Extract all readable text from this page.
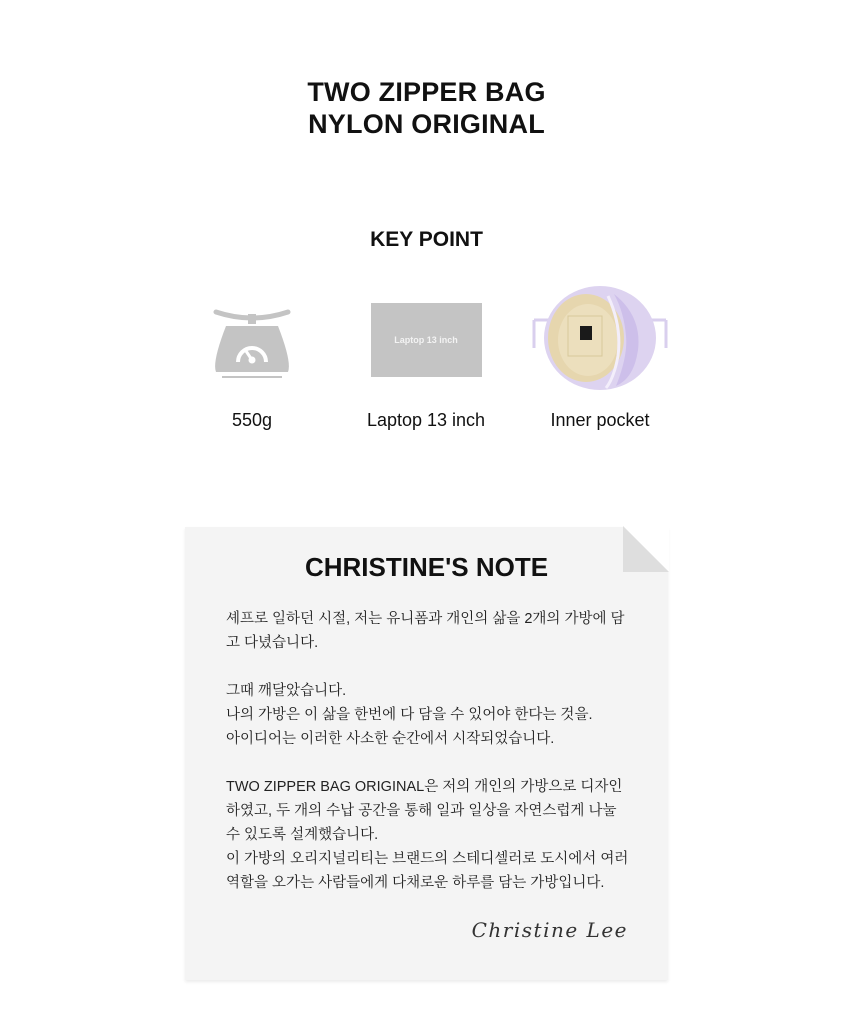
TWO ZIPPER BAG
NYLON ORIGINAL
KEY POINT
550g
Laptop 13 inch
Laptop 13 inch	Inner pocket
CHRISTINE'S NOTE

셰프로 일하던 시절, 저는 유니폼과 개인의 삶을 2개의 가방에 담
고 다녔습니다.

그때 깨달았습니다.
나의 가방은 이 삶을 한번에 다 담을 수 있어야 한다는 것을.
아이디어는 이러한 사소한 순간에서 시작되었습니다.

TWO ZIPPER BAG ORIGINAL은 저의 개인의 가방으로 디자인
하였고, 두 개의 수납 공간을 통해 일과 일상을 자연스럽게 나눌
수 있도록 설계했습니다.
이 가방의 오리지널리티는 브랜드의 스테디셀러로 도시에서 여러
역할을 오가는 사람들에게 다채로운 하루를 담는 가방입니다.

Christine Lee
